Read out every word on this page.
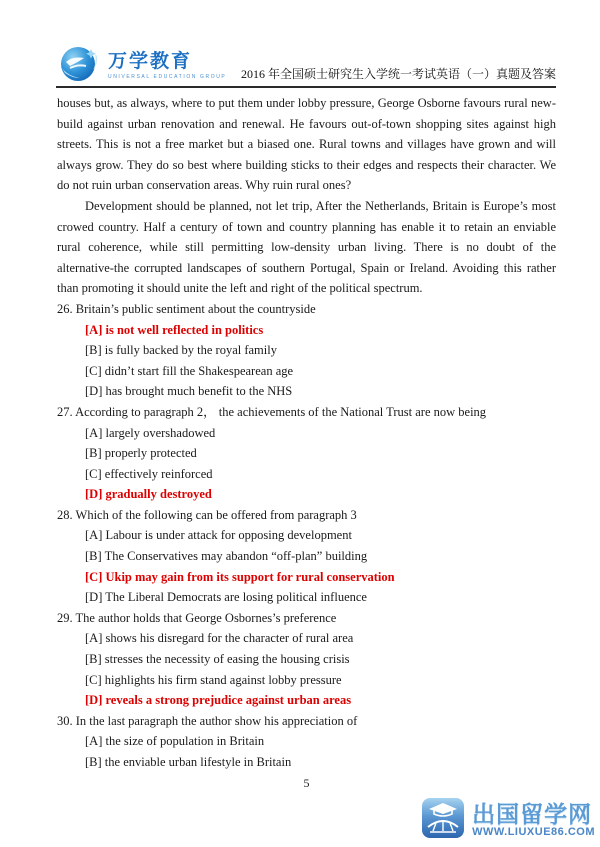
万学教育
UNIVERSAL EDUCATION GROUP 2016 年全国硕士研究生入学统一考试英语（一）真题及答案
houses but, as always, where to put them under lobby pressure, George Osborne favours rural new-build against urban renovation and renewal. He favours out-of-town shopping sites against high streets. This is not a free market but a biased one. Rural towns and villages have grown and will always grow. They do so best where building sticks to their edges and respects their character. We do not ruin urban conservation areas. Why ruin rural ones?
Development should be planned, not let trip, After the Netherlands, Britain is Europe’s most crowed country. Half a century of town and country planning has enable it to retain an enviable rural coherence, while still permitting low-density urban living. There is no doubt of the alternative-the corrupted landscapes of southern Portugal, Spain or Ireland. Avoiding this rather than promoting it should unite the left and right of the political spectrum.
26. Britain’s public sentiment about the countryside
[A] is not well reflected in politics
[B] is fully backed by the royal family
[C] didn’t start fill the Shakespearean age
[D] has brought much benefit to the NHS
27. According to paragraph 2， the achievements of the National Trust are now being
[A] largely overshadowed
[B] properly protected
[C] effectively reinforced
[D] gradually destroyed
28. Which of the following can be offered from paragraph 3
[A] Labour is under attack for opposing development
[B] The Conservatives may abandon “off-plan” building
[C] Ukip may gain from its support for rural conservation
[D] The Liberal Democrats are losing political influence
29. The author holds that George Osbornes’s preference
[A] shows his disregard for the character of rural area
[B] stresses the necessity of easing the housing crisis
[C] highlights his firm stand against lobby pressure
[D] reveals a strong prejudice against urban areas
30. In the last paragraph the author show his appreciation of
[A] the size of population in Britain
[B] the enviable urban lifestyle in Britain
5
出国留学网
WWW.LIUXUE86.COM
